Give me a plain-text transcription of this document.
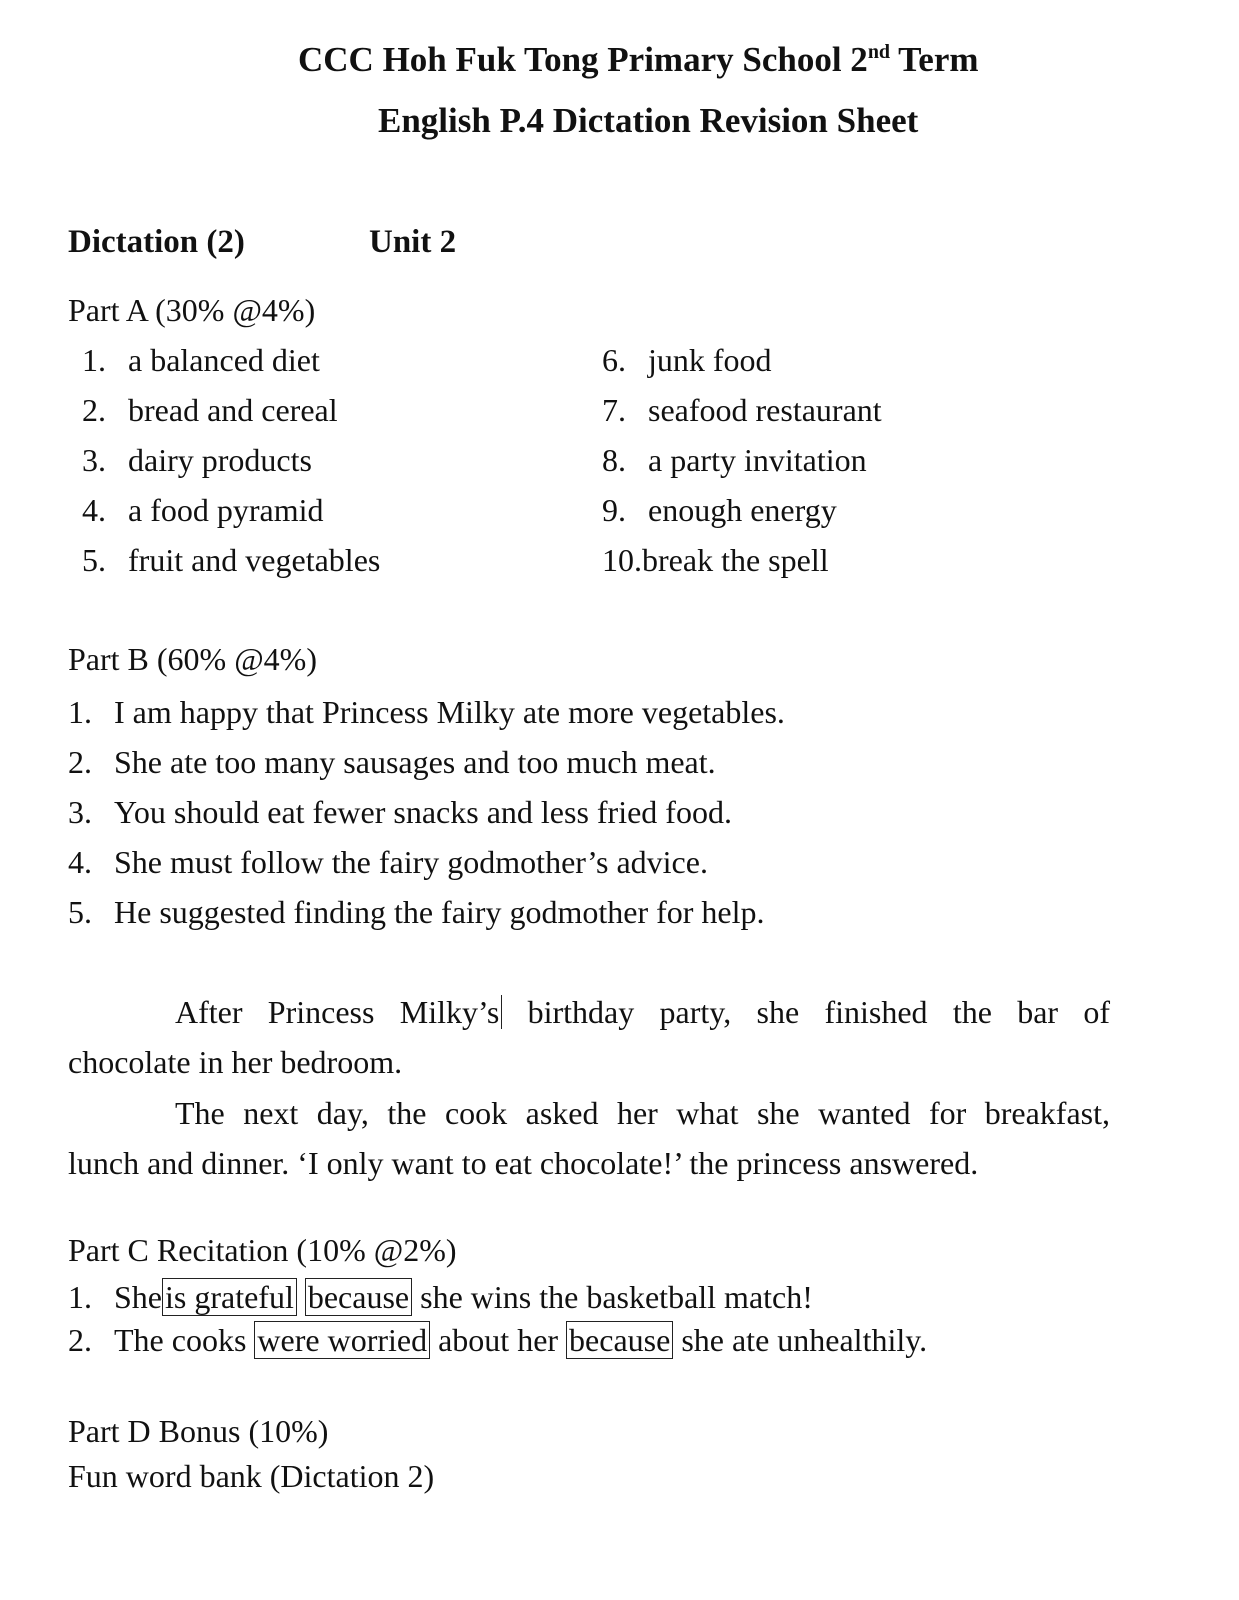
CCC Hoh Fuk Tong Primary School 2nd Term
English P.4 Dictation Revision Sheet
Dictation (2)	Unit 2
Part A (30% @4%)
1. a balanced diet
2. bread and cereal
3. dairy products
4. a food pyramid
5. fruit and vegetables
6. junk food
7. seafood restaurant
8. a party invitation
9. enough energy
10.break the spell
Part B (60% @4%)
1. I am happy that Princess Milky ate more vegetables.
2. She ate too many sausages and too much meat.
3. You should eat fewer snacks and less fried food.
4. She must follow the fairy godmother’s advice.
5. He suggested finding the fairy godmother for help.
After Princess Milky’s birthday party, she finished the bar of
chocolate in her bedroom.
The next day, the cook asked her what she wanted for breakfast,
lunch and dinner. ‘I only want to eat chocolate!’ the princess answered.
Part C Recitation (10% @2%)
1. Sheis grateful because she wins the basketball match!
2. The cooks were worried about her because she ate unhealthily.
Part D Bonus (10%)
Fun word bank (Dictation 2)
